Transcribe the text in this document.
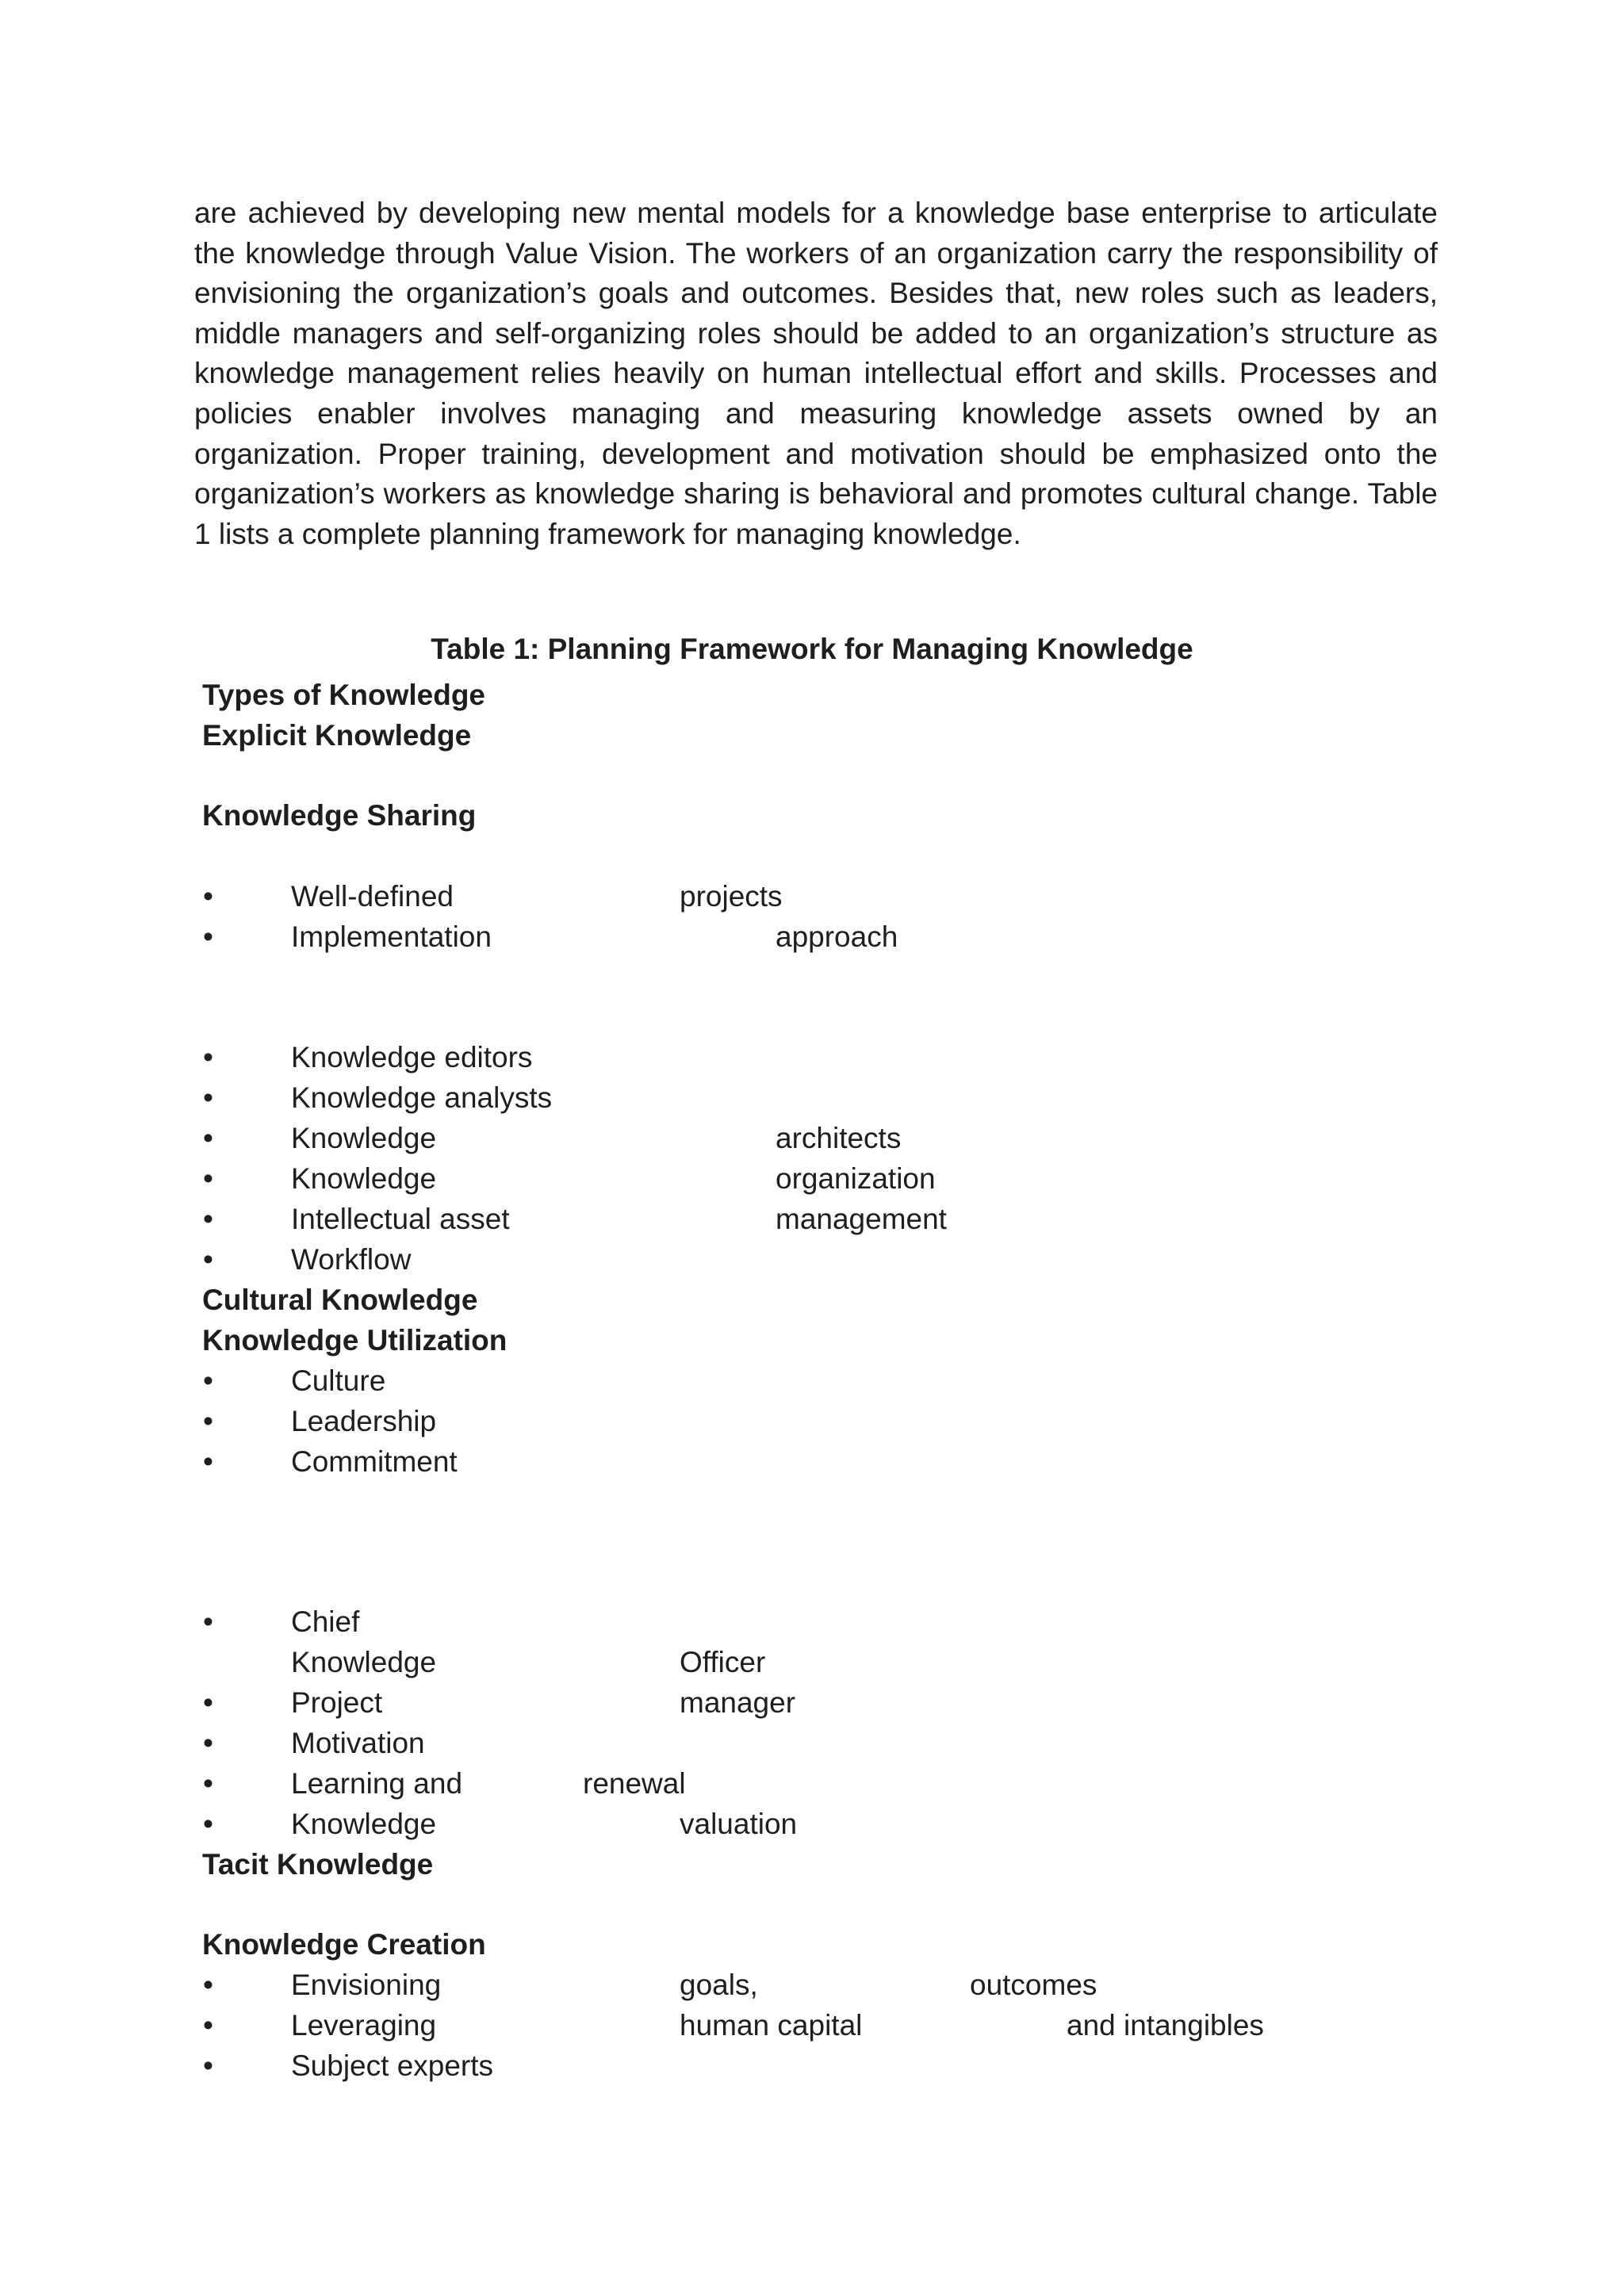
are achieved by developing new mental models for a knowledge base enterprise to articulate the knowledge through Value Vision. The workers of an organization carry the responsibility of envisioning the organization’s goals and outcomes. Besides that, new roles such as leaders, middle managers and self-organizing roles should be added to an organization’s structure as knowledge management relies heavily on human intellectual effort and skills. Processes and policies enabler involves managing and measuring knowledge assets owned by an organization. Proper training, development and motivation should be emphasized onto the organization’s workers as knowledge sharing is behavioral and promotes cultural change. Table 1 lists a complete planning framework for managing knowledge.

Table 1: Planning Framework for Managing Knowledge
Types of Knowledge
Explicit Knowledge
Knowledge Sharing
•	Well-defined	projects
•	Implementation	approach
•	Knowledge editors
•	Knowledge analysts
•	Knowledge	architects
•	Knowledge	organization
•	Intellectual asset	management
•	Workflow
Cultural Knowledge
Knowledge Utilization
•	Culture
•	Leadership
•	Commitment
•	Chief
Knowledge	Officer
•	Project	manager
•	Motivation
•	Learning and	renewal
•	Knowledge	valuation
Tacit Knowledge
Knowledge Creation
•	Envisioning	goals,	outcomes
•	Leveraging	human capital	and intangibles
•	Subject experts
